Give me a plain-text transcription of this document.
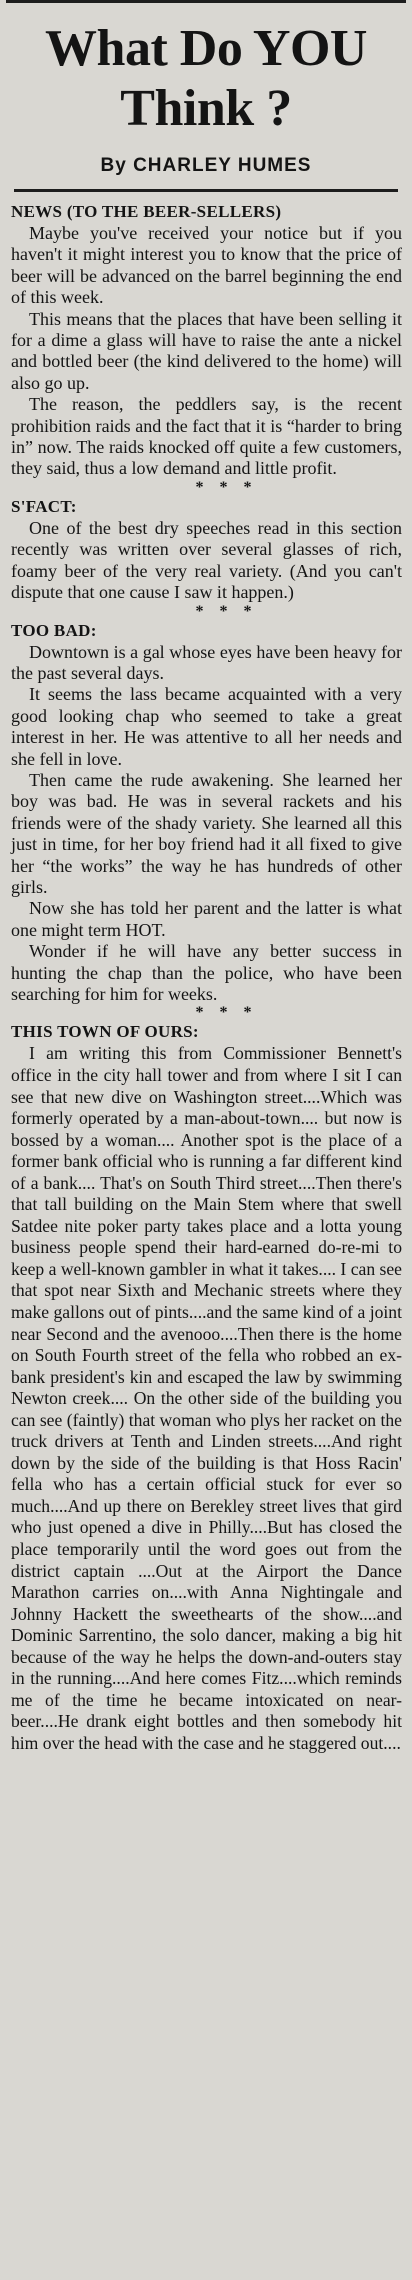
What Do YOU
Think ?
By CHARLEY HUMES

NEWS (TO THE BEER-SELLERS)

Maybe you've received your notice but if you haven't it might interest you to know that the price of beer will be advanced on the barrel beginning the end of this week.

This means that the places that have been selling it for a dime a glass will have to raise the ante a nickel and bottled beer (the kind delivered to the home) will also go up.

The reason, the peddlers say, is the recent prohibition raids and the fact that it is “harder to bring in” now. The raids knocked off quite a few customers, they said, thus a low demand and little profit.

* * *

S'FACT:

One of the best dry speeches read in this section recently was written over several glasses of rich, foamy beer of the very real variety. (And you can't dispute that one cause I saw it happen.)

* * *

TOO BAD:

Downtown is a gal whose eyes have been heavy for the past several days.

It seems the lass became acquainted with a very good looking chap who seemed to take a great interest in her. He was attentive to all her needs and she fell in love.

Then came the rude awakening. She learned her boy was bad. He was in several rackets and his friends were of the shady variety. She learned all this just in time, for her boy friend had it all fixed to give her “the works” the way he has hundreds of other girls.

Now she has told her parent and the latter is what one might term HOT.

Wonder if he will have any better success in hunting the chap than the police, who have been searching for him for weeks.

* * *

THIS TOWN OF OURS:

I am writing this from Commissioner Bennett's office in the city hall tower and from where I sit I can see that new dive on Washington street....Which was formerly operated by a man-about-town.... but now is bossed by a woman.... Another spot is the place of a former bank official who is running a far different kind of a bank.... That's on South Third street....Then there's that tall building on the Main Stem where that swell Satdee nite poker party takes place and a lotta young business people spend their hard-earned do-re-mi to keep a well-known gambler in what it takes.... I can see that spot near Sixth and Mechanic streets where they make gallons out of pints....and the same kind of a joint near Second and the avenooo....Then there is the home on South Fourth street of the fella who robbed an ex-bank president's kin and escaped the law by swimming Newton creek.... On the other side of the building you can see (faintly) that woman who plys her racket on the truck drivers at Tenth and Linden streets....And right down by the side of the building is that Hoss Racin' fella who has a certain official stuck for ever so much....And up there on Berekley street lives that gird who just opened a dive in Philly....But has closed the place temporarily until the word goes out from the district captain ....Out at the Airport the Dance Marathon carries on....with Anna Nightingale and Johnny Hackett the sweethearts of the show....and Dominic Sarrentino, the solo dancer, making a big hit because of the way he helps the down-and-outers stay in the running....And here comes Fitz....which reminds me of the time he became intoxicated on near-beer....He drank eight bottles and then somebody hit him over the head with the case and he staggered out....
